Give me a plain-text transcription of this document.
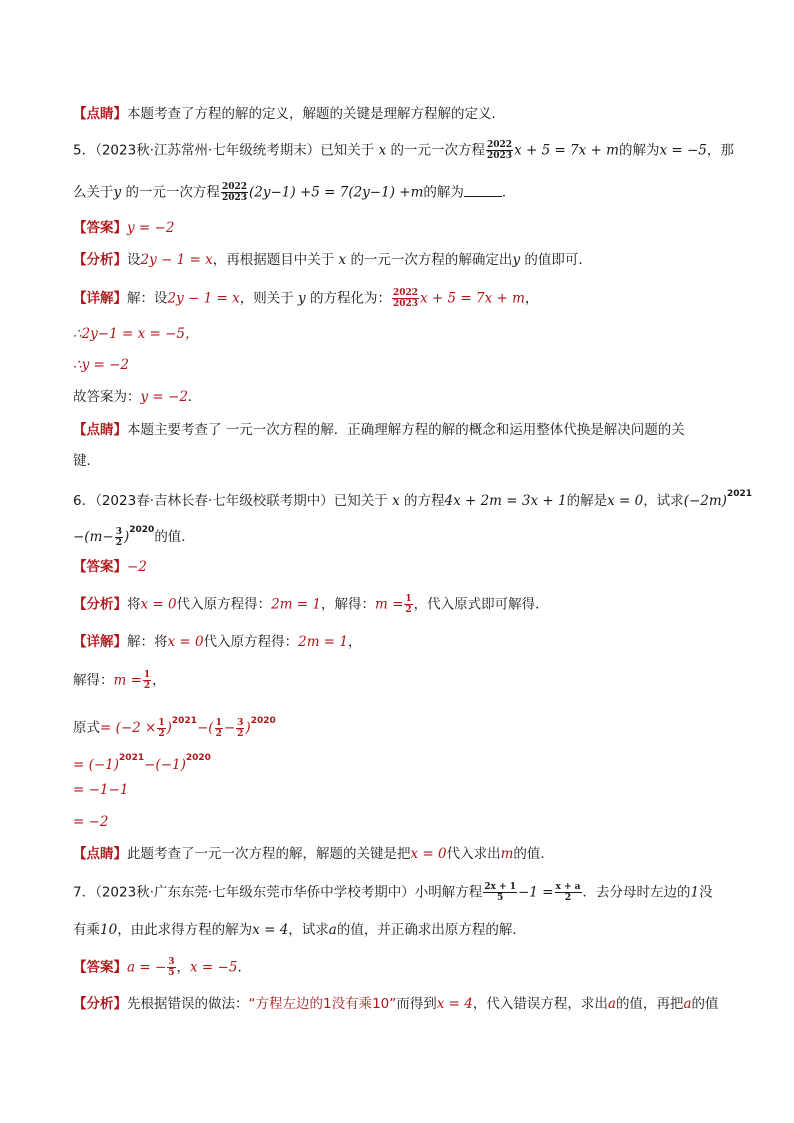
【点睛】本题考查了方程的解的定义，解题的关键是理解方程解的定义．
5．（2023秋·江苏常州·七年级统考期末）已知关于 x 的一元一次方程 $\frac{2022}{2023}$ x + 5 = 7x + m的解为x = −5，那
么关于y 的一元一次方程 $\frac{2022}{2023} (2y-1) +5 = 7(2y-1) +m$的解为	．
【答案】y = −2
【分析】设2y − 1 = x，再根据题目中关于 x 的一元一次方程的解确定出y 的值即可．
【详解】解：设2y − 1 = x，则关于 y 的方程化为： $\frac{2022}{2023}$ x + 5 = 7x + m，
∴2y−1 = x = −5，
∴y = −2
故答案为：y = −2．
【点睛】本题主要考查了 一元一次方程的解．正确理解方程的解的概念和运用整体代换是解决问题的关
键．
6．（2023春·吉林长春·七年级校联考期中）已知关于 x 的方程4x + 2m = 3x + 1的解是x = 0，试求$(-2m)^{2021}$
$-(m- \frac{3}{2} )^{2020}$的值．
【答案】−2
【分析】将x = 0代入原方程得：2m = 1，解得：$m = \frac{1}{2}$ ，代入原式即可解得．
【详解】解：将x = 0代入原方程得：2m = 1，
解得：$m = \frac{1}{2}$ ，
原式= $(-2 \times \frac{1}{2} )^{2021}-( \frac{1}{2} - \frac{3}{2} )^{2020}$
= $(-1)^{2021}-(-1)^{2020}$
= −1−1
= −2
【点睛】此题考查了一元一次方程的解，解题的关键是把x = 0代入求出m的值．
7．（2023秋·广东东莞·七年级东莞市华侨中学校考期中）小明解方程 $\frac{2x + 1}{5} -1 = \frac{x + a}{2}$ ．去分母时左边的1没
有乘10，由此求得方程的解为x = 4，试求a的值，并正确求出原方程的解．
【答案】a = − $\frac{3}{5}$ ，x = −5．
【分析】先根据错误的做法：“方程左边的1没有乘10”而得到x = 4，代入错误方程，求出a的值，再把a的值
